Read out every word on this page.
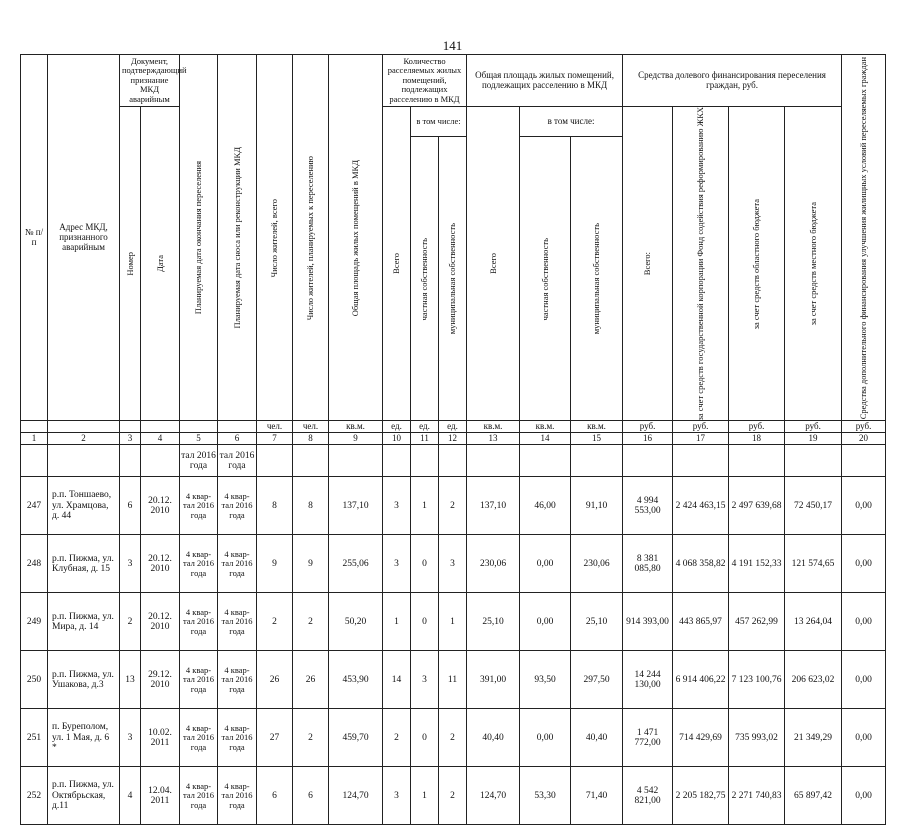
141
№ п/п	Адрес МКД, признанного аварийным	Документ, подтверждающий признание МКД аварийным		Планируемая дата окончания переселения	Планируемая дата сноса или реконструкции МКД	Число жителей, всего	Число жителей, планируемых к переселению	Общая площадь жилых помещений в МКД	Количество расселяемых жилых помещений, подлежащих расселению в МКД			Общая площадь жилых помещений, подлежащих расселению в МКД			Средства долевого финансирования переселения граждан, руб.				Средства дополнительного финансирования улучшения жилищных условий переселяемых граждан

		Номер	Дата						Всего	в том числе:		Всего	в том числе:		Всего:	за счет средств государственной корпорации Фонд содействия реформированию ЖКХ	за счет средств областного бюджета	за счет средств местного бюджета	

										частная собственность	муниципальная собственность		частная собственность	муниципальная собственность					

						чел.	чел.	кв.м.	ед.	ед.	ед.	кв.м.	кв.м.	кв.м.	руб.	руб.	руб.	руб.	руб.
1	2	3	4	5	6	7	8	9	10	11	12	13	14	15	16	17	18	19	20
				тал 2016 года	тал 2016 года														
247	р.п. Тоншаево, ул. Храмцова, д. 44	6	20.12. 2010	4 квар- тал 2016 года	4 квар- тал 2016 года	8	8	137,10	3	1	2	137,10	46,00	91,10	4 994 553,00	2 424 463,15	2 497 639,68	72 450,17	0,00
248	р.п. Пижма, ул. Клубная, д. 15	3	20.12. 2010	4 квар- тал 2016 года	4 квар- тал 2016 года	9	9	255,06	3	0	3	230,06	0,00	230,06	8 381 085,80	4 068 358,82	4 191 152,33	121 574,65	0,00
249	р.п. Пижма, ул. Мира, д. 14	2	20.12. 2010	4 квар- тал 2016 года	4 квар- тал 2016 года	2	2	50,20	1	0	1	25,10	0,00	25,10	914 393,00	443 865,97	457 262,99	13 264,04	0,00
250	р.п. Пижма, ул. Ушакова, д.3	13	29.12. 2010	4 квар- тал 2016 года	4 квар- тал 2016 года	26	26	453,90	14	3	11	391,00	93,50	297,50	14 244 130,00	6 914 406,22	7 123 100,76	206 623,02	0,00
251	п. Буреполом, ул. 1 Мая, д. 6 *	3	10.02. 2011	4 квар- тал 2016 года	4 квар- тал 2016 года	27	2	459,70	2	0	2	40,40	0,00	40,40	1 471 772,00	714 429,69	735 993,02	21 349,29	0,00
252	р.п. Пижма, ул. Октябрьская, д.11	4	12.04. 2011	4 квар- тал 2016 года	4 квар- тал 2016 года	6	6	124,70	3	1	2	124,70	53,30	71,40	4 542 821,00	2 205 182,75	2 271 740,83	65 897,42	0,00
